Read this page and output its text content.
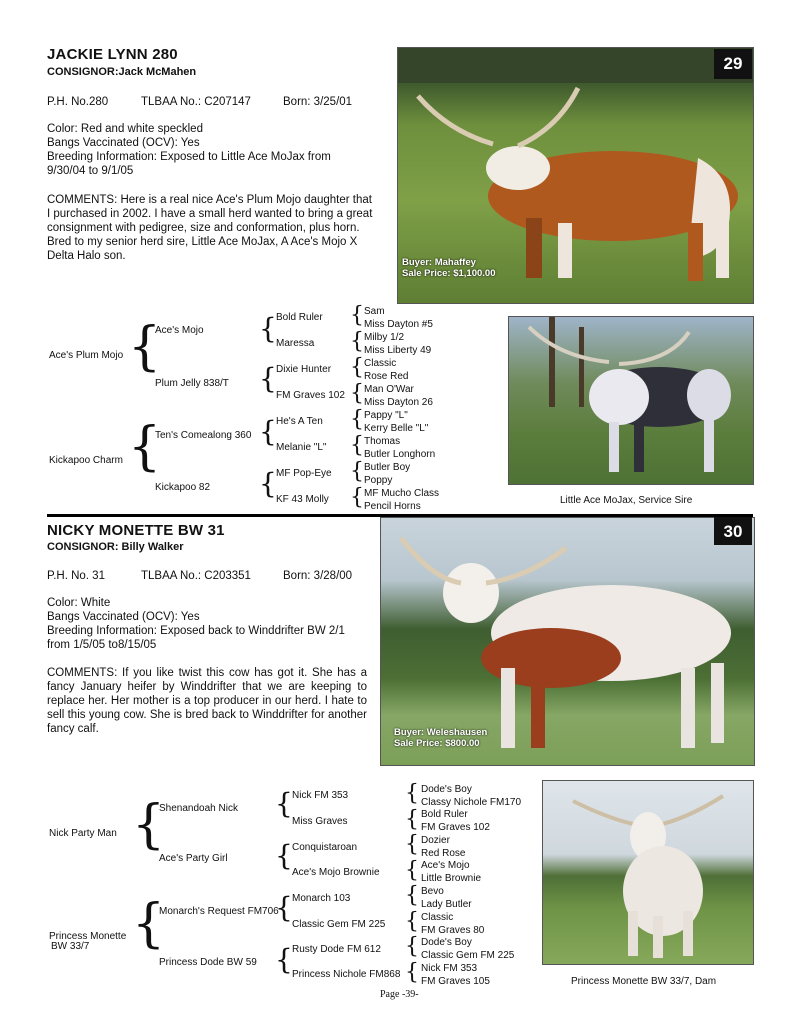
JACKIE LYNN 280
CONSIGNOR:Jack McMahen
P.H. No.280	TLBAA No.: C207147	Born: 3/25/01
Color: Red and white speckled
Bangs Vaccinated (OCV): Yes
Breeding Information: Exposed to Little Ace MoJax from 9/30/04 to 9/1/05
COMMENTS: Here is a real nice Ace's Plum Mojo daughter that I purchased in 2002. I have a small herd wanted to bring a great consignment with pedigree, size and conformation, plus horn. Bred to my senior herd sire, Little Ace MoJax, A Ace's Mojo X Delta Halo son.
29
Buyer: Mahaffey
Sale Price: $1,100.00
Ace's Plum Mojo
Kickapoo Charm
{
{
Ace's Mojo
Plum Jelly 838/T
Ten's Comealong 360
Kickapoo 82
{
{
{
{
Bold Ruler
Maressa
Dixie Hunter
FM Graves 102
He's A Ten
Melanie "L"
MF Pop-Eye
KF 43 Molly
{
{
{
{
{
{
{
{
Sam
Miss Dayton #5
Milby 1/2
Miss Liberty 49
Classic
Rose Red
Man O'War
Miss Dayton 26
Pappy "L"
Kerry Belle "L"
Thomas
Butler Longhorn
Butler Boy
Poppy
MF Mucho Class
Pencil Horns
Little Ace MoJax, Service Sire
NICKY MONETTE BW 31
CONSIGNOR: Billy Walker
P.H. No. 31	TLBAA No.: C203351	Born: 3/28/00
Color: White
Bangs Vaccinated (OCV): Yes
Breeding Information: Exposed back to Winddrifter BW 2/1 from 1/5/05 to8/15/05
COMMENTS: If you like twist this cow has got it. She has a fancy January heifer by Winddrifter that we are keeping to replace her. Her mother is a top producer in our herd. I hate to sell this young cow. She is bred back to Winddrifter for another fancy calf.
30
Buyer: Weleshausen
Sale Price: $800.00
Nick Party Man
Princess Monette
BW 33/7
{
{
Shenandoah Nick
Ace's Party Girl
Monarch's Request FM706
Princess Dode BW 59
{
{
{
{
Nick FM 353
Miss Graves
Conquistaroan
Ace's Mojo Brownie
Monarch 103
Classic Gem FM 225
Rusty Dode FM 612
Princess Nichole FM868
{
{
{
{
{
{
{
{
Dode's Boy
Classy Nichole FM170
Bold Ruler
FM Graves 102
Dozier
Red Rose
Ace's Mojo
Little Brownie
Bevo
Lady Butler
Classic
FM Graves 80
Dode's Boy
Classic Gem FM 225
Nick FM 353
FM Graves 105	Princess Monette BW 33/7, Dam
Page -39-
